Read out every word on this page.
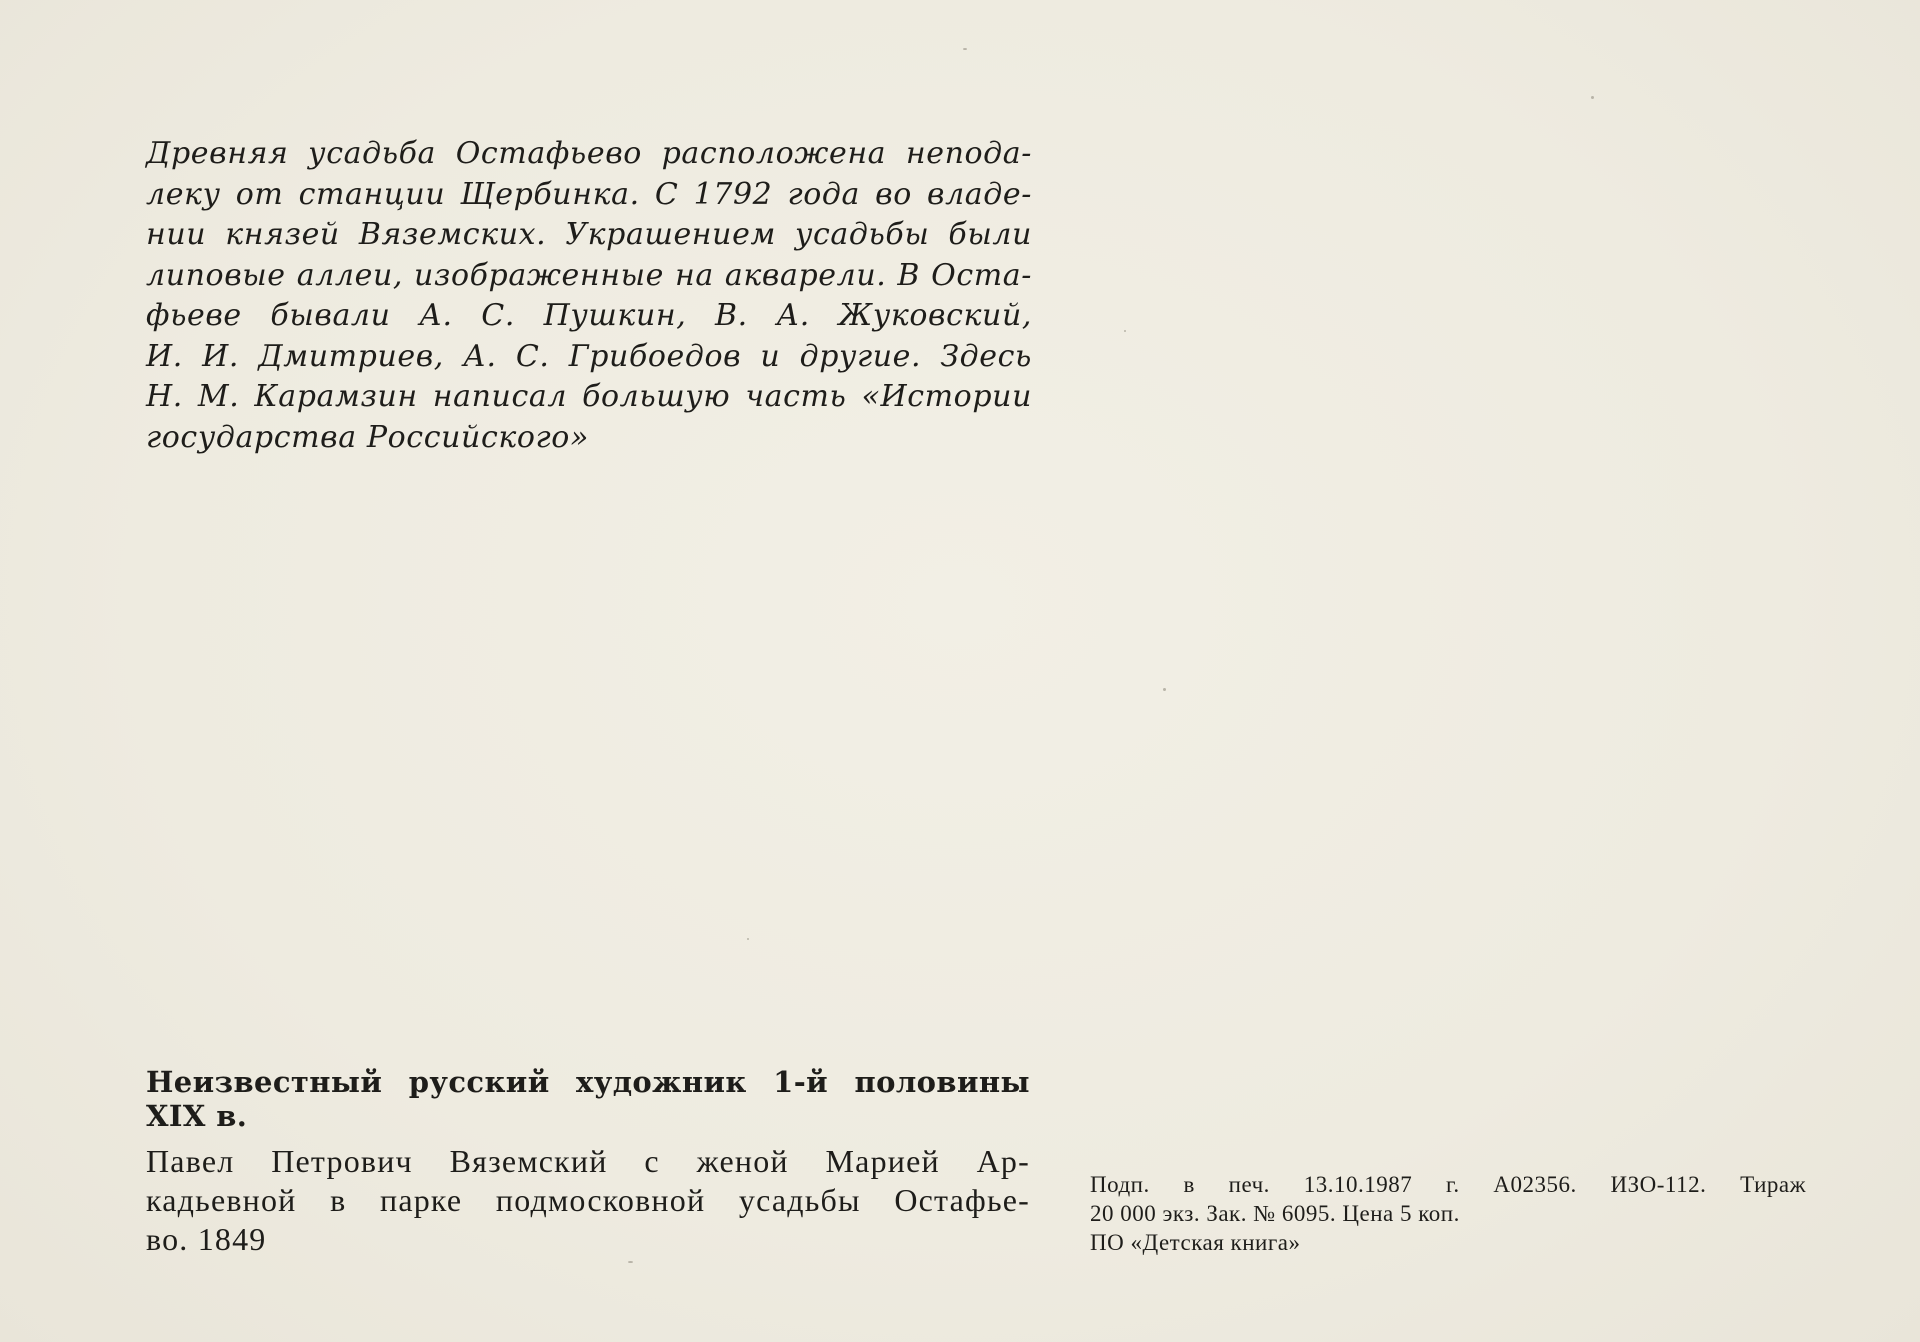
Древняя усадьба Остафьево расположена непода-
леку от станции Щербинка. С 1792 года во владе-
нии князей Вяземских. Украшением усадьбы были
липовые аллеи, изображенные на акварели. В Оста-
фьеве бывали А. С. Пушкин, В. А. Жуковский,
И. И. Дмитриев, А. С. Грибоедов и другие. Здесь
Н. М. Карамзин написал большую часть «Истории
государства Российского»

Неизвестный русский художник 1-й половины
XIX в.

Павел Петрович Вяземский с женой Марией Ар-
кадьевной в парке подмосковной усадьбы Остафье-
во. 1849

Подп. в печ. 13.10.1987 г. А02356. ИЗО-112. Тираж
20 000 экз. Зак. № 6095. Цена 5 коп.
ПО «Детская книга»
